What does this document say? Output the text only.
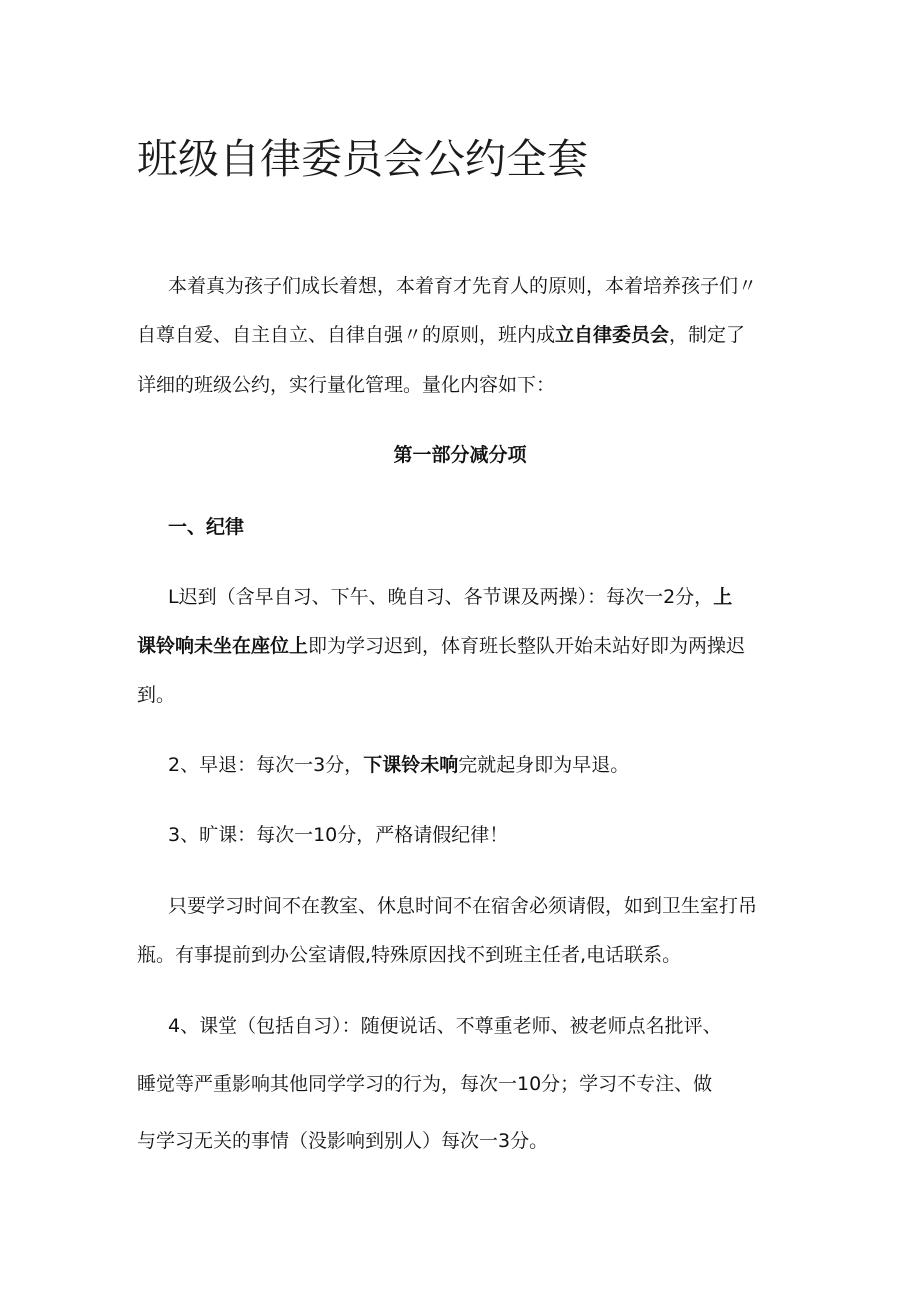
班级自律委员会公约全套
本着真为孩子们成长着想，本着育才先育人的原则，本着培养孩子们〃
自尊自爱、自主自立、自律自强〃的原则，班内成立自律委员会，制定了
详细的班级公约，实行量化管理。量化内容如下：
第一部分减分项
一、纪律
L迟到（含早自习、下午、晚自习、各节课及两操）：每次一2分，上
课铃响未坐在座位上即为学习迟到，体育班长整队开始未站好即为两操迟
到。
2、早退：每次一3分，下课铃未响完就起身即为早退。
3、旷课：每次一10分，严格请假纪律！
只要学习时间不在教室、休息时间不在宿舍必须请假，如到卫生室打吊
瓶。有事提前到办公室请假,特殊原因找不到班主任者,电话联系。
4、课堂（包括自习）：随便说话、不尊重老师、被老师点名批评、
睡觉等严重影响其他同学学习的行为，每次一10分；学习不专注、做
与学习无关的事情（没影响到别人）每次一3分。
